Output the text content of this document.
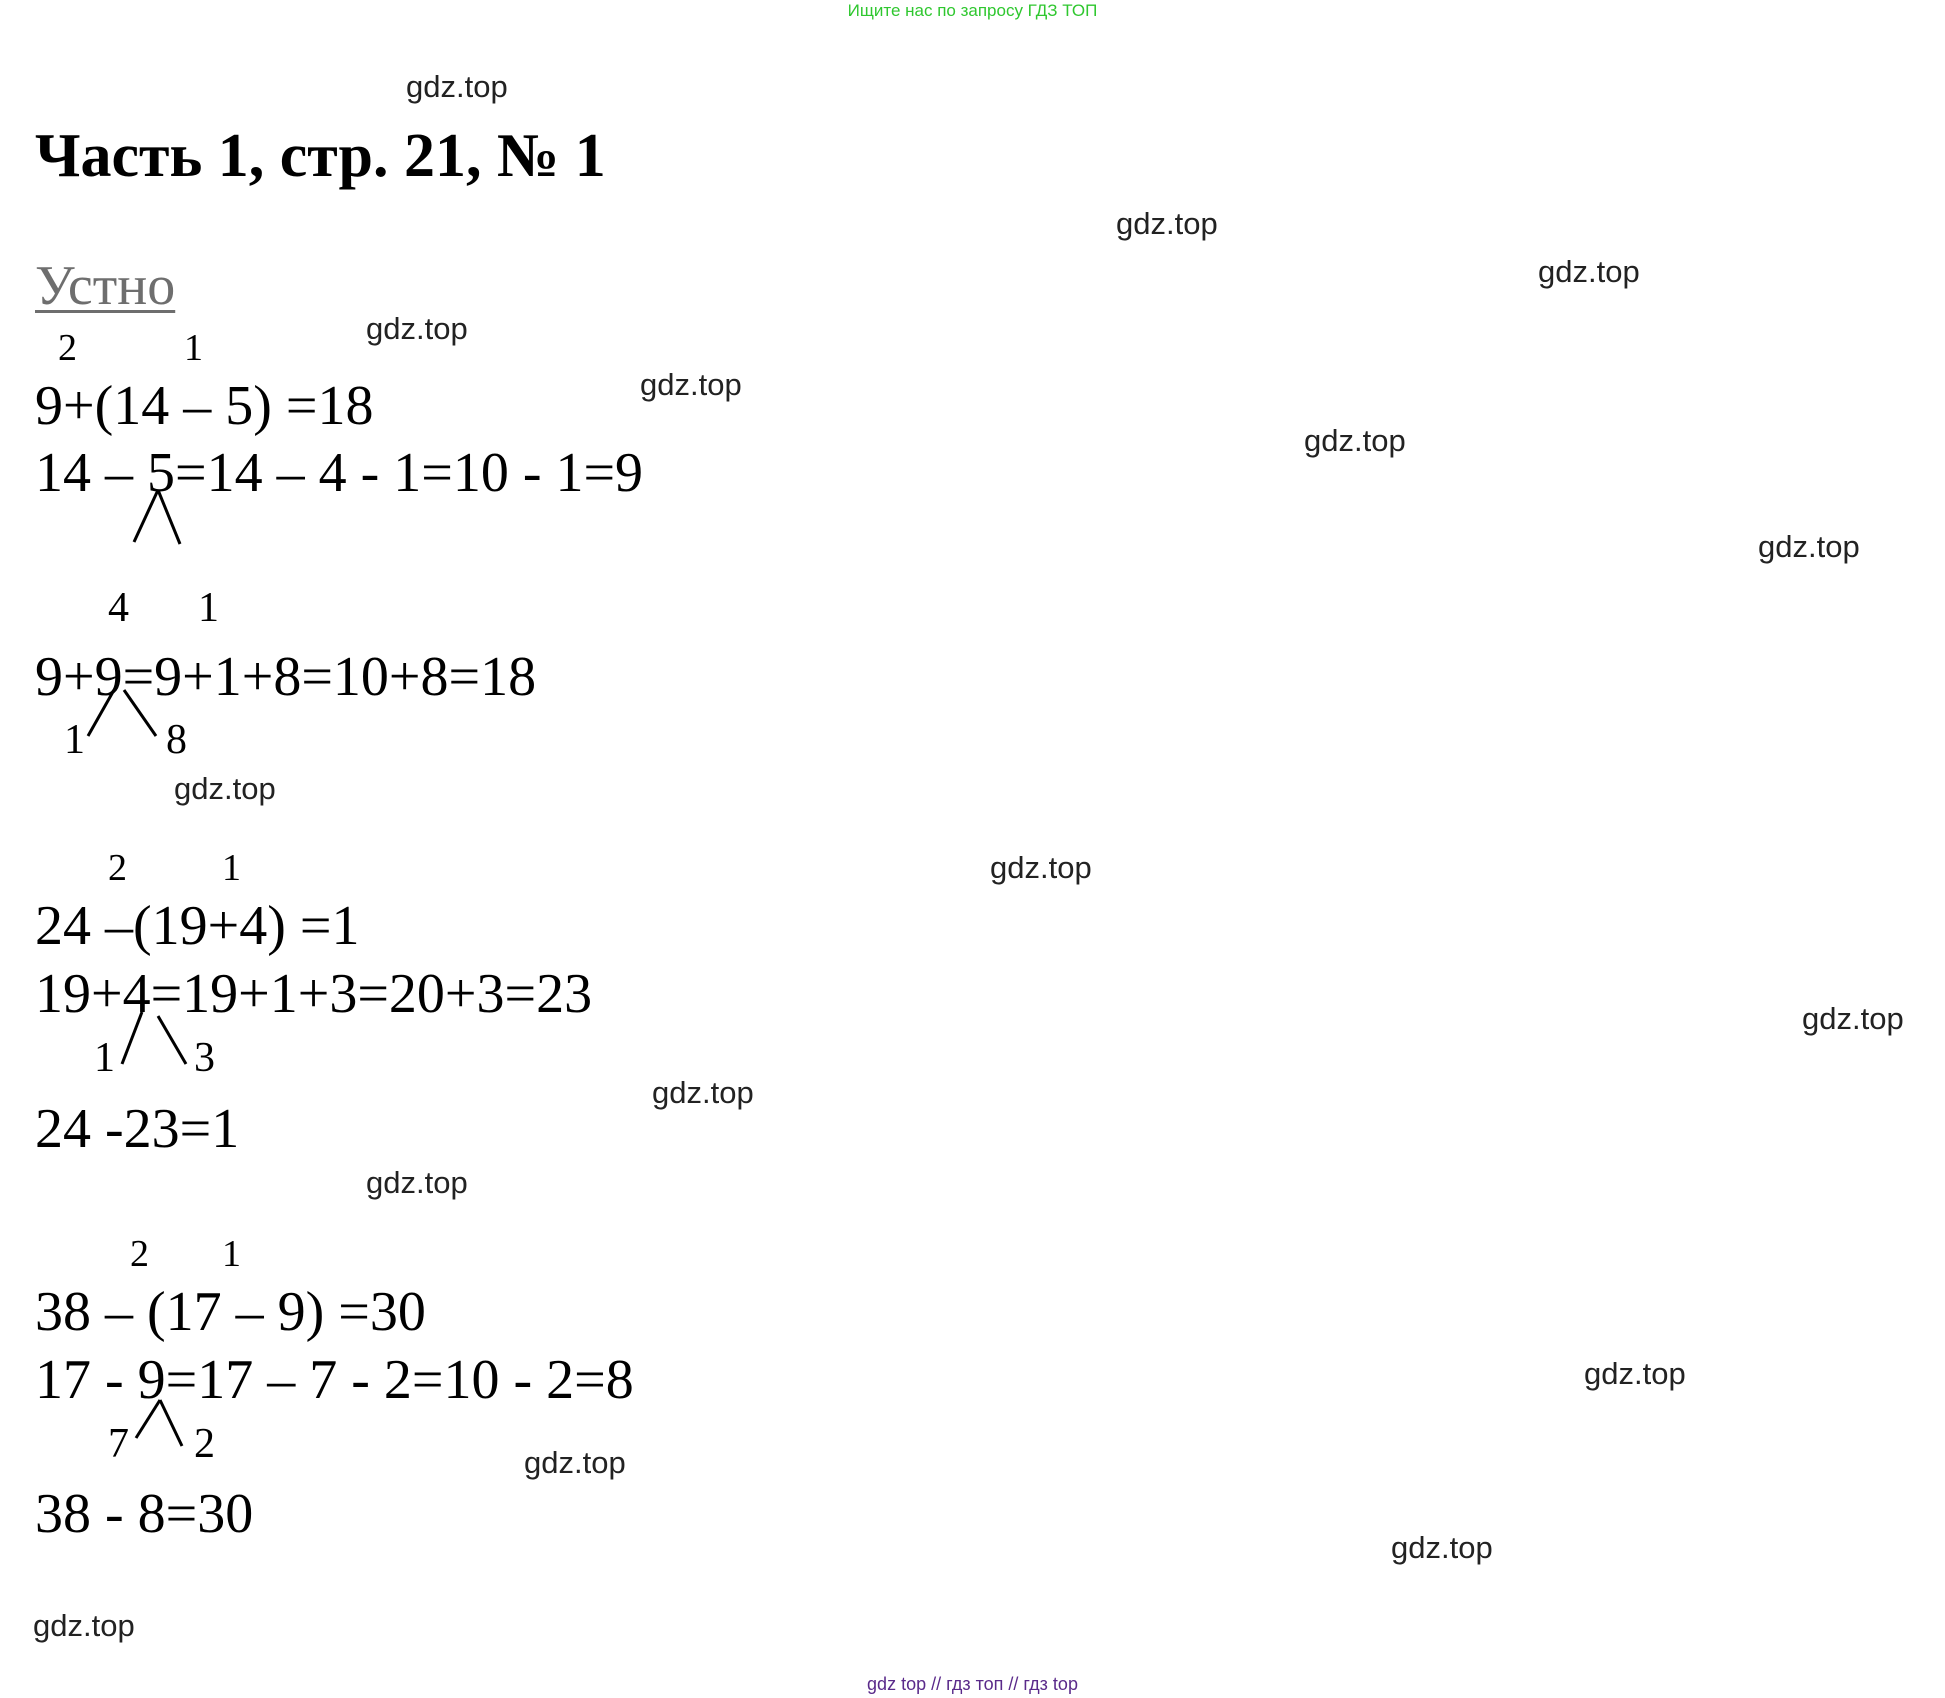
Ищите нас по запросу ГДЗ ТОП
Часть 1, стр. 21, № 1
Устно
2	1
9+(14 – 5) =18
14 – 5=14 – 4 - 1=10 - 1=9
4 1
9+9=9+1+8=10+8=18
1 8
2	1
24 –(19+4) =1
19+4=19+1+3=20+3=23
1 3
24 -23=1
2 1
38 – (17 – 9) =30
17 - 9=17 – 7 - 2=10 - 2=8
7 2
38 - 8=30
gdz.top
gdz.top
gdz.top
gdz.top
gdz.top
gdz.top
gdz.top
gdz.top
gdz.top
gdz.top
gdz.top
gdz.top
gdz.top
gdz.top
gdz.top
gdz.top
gdz top // гдз топ // гдз top
